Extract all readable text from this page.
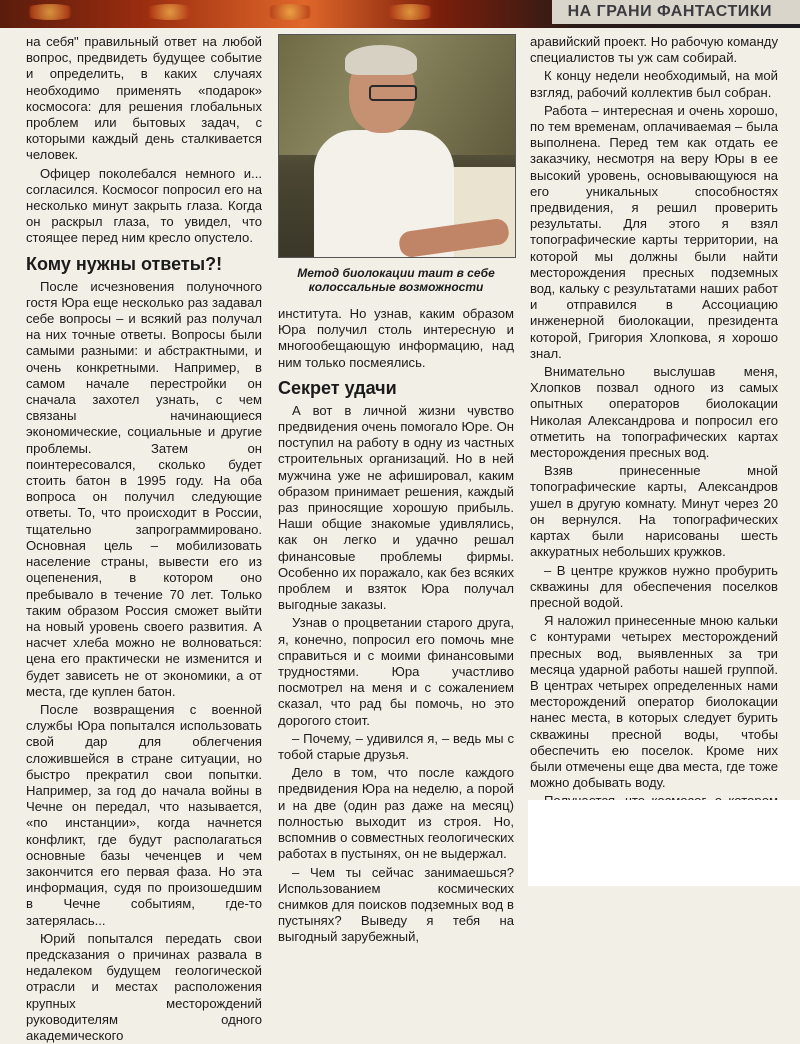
НА ГРАНИ ФАНТАСТИКИ

на себя" правильный ответ на любой вопрос, предвидеть будущее событие и определить, в каких случаях необходимо применять «подарок» космосога: для решения глобальных проблем или бытовых задач, с которыми каждый день сталкивается человек.

Офицер поколебался немного и... согласился. Космосог попросил его на несколько минут закрыть глаза. Когда он раскрыл глаза, то увидел, что стоящее перед ним кресло опустело.

Кому нужны ответы?!

После исчезновения полуночного гостя Юра еще несколько раз задавал себе вопросы – и всякий раз получал на них точные ответы. Вопросы были самыми разными: и абстрактными, и очень конкретными. Например, в самом начале перестройки он сначала захотел узнать, с чем связаны начинающиеся экономические, социальные и другие проблемы. Затем он поинтересовался, сколько будет стоить батон в 1995 году. На оба вопроса он получил следующие ответы. То, что происходит в России, тщательно запрограммировано. Основная цель – мобилизовать население страны, вывести его из оцепенения, в котором оно пребывало в течение 70 лет. Только таким образом Россия сможет выйти на новый уровень своего развития. А насчет хлеба можно не волноваться: цена его практически не изменится и будет зависеть не от экономики, а от места, где куплен батон.

После возвращения с военной службы Юра попытался использовать свой дар для облегчения сложившейся в стране ситуации, но быстро прекратил свои попытки. Например, за год до начала войны в Чечне он передал, что называется, «по инстанции», когда начнется конфликт, где будут располагаться основные базы чеченцев и чем закончится его первая фаза. Но эта информация, судя по произошедшим в Чечне событиям, где-то затерялась...

Юрий попытался передать свои предсказания о причинах развала в недалеком будущем геологической отрасли и местах расположения крупных месторождений руководителям одного академического

Метод биолокации таит в себе колоссальные возможности

института. Но узнав, каким образом Юра получил столь интересную и многообещающую информацию, над ним только посмеялись.

Секрет удачи

А вот в личной жизни чувство предвидения очень помогало Юре. Он поступил на работу в одну из частных строительных организаций. Но в ней мужчина уже не афишировал, каким образом принимает решения, каждый раз приносящие хорошую прибыль. Наши общие знакомые удивлялись, как он легко и удачно решал финансовые проблемы фирмы. Особенно их поражало, как без всяких проблем и взяток Юра получал выгодные заказы.

Узнав о процветании старого друга, я, конечно, попросил его помочь мне справиться и с моими финансовыми трудностями. Юра участливо посмотрел на меня и с сожалением сказал, что рад бы помочь, но это дорогого стоит.

– Почему, – удивился я, – ведь мы с тобой старые друзья.

Дело в том, что после каждого предвидения Юра на неделю, а порой и на две (один раз даже на месяц) полностью выходит из строя. Но, вспомнив о совместных геологических работах в пустынях, он не выдержал.

– Чем ты сейчас занимаешься? Использованием космических снимков для поисков подземных вод в пустынях? Выведу я тебя на выгодный зарубежный,

аравийский проект. Но рабочую команду специалистов ты уж сам собирай.

К концу недели необходимый, на мой взгляд, рабочий коллектив был собран.

Работа – интересная и очень хорошо, по тем временам, оплачиваемая – была выполнена. Перед тем как отдать ее заказчику, несмотря на веру Юры в ее высокий уровень, основывающуюся на его уникальных способностях предвидения, я решил проверить результаты. Для этого я взял топографические карты территории, на которой мы должны были найти месторождения пресных подземных вод, кальку с результатами наших работ и отправился в Ассоциацию инженерной биолокации, президента которой, Григория Хлопкова, я хорошо знал.

Внимательно выслушав меня, Хлопков позвал одного из самых опытных операторов биолокации Николая Александрова и попросил его отметить на топографических картах месторождения пресных вод.

Взяв принесенные мной топографические карты, Александров ушел в другую комнату. Минут через 20 он вернулся. На топографических картах были нарисованы шесть аккуратных небольших кружков.

– В центре кружков нужно пробурить скважины для обеспечения поселков пресной водой.

Я наложил принесенные мною кальки с контурами четырех месторождений пресных вод, выявленных за три месяца ударной работы нашей группой. В центрах четырех определенных нами месторождений оператор биолокации нанес места, в которых следует бурить скважины пресной воды, чтобы обеспечить ею поселок. Кроме них были отмечены еще два места, где тоже можно добывать воду.
